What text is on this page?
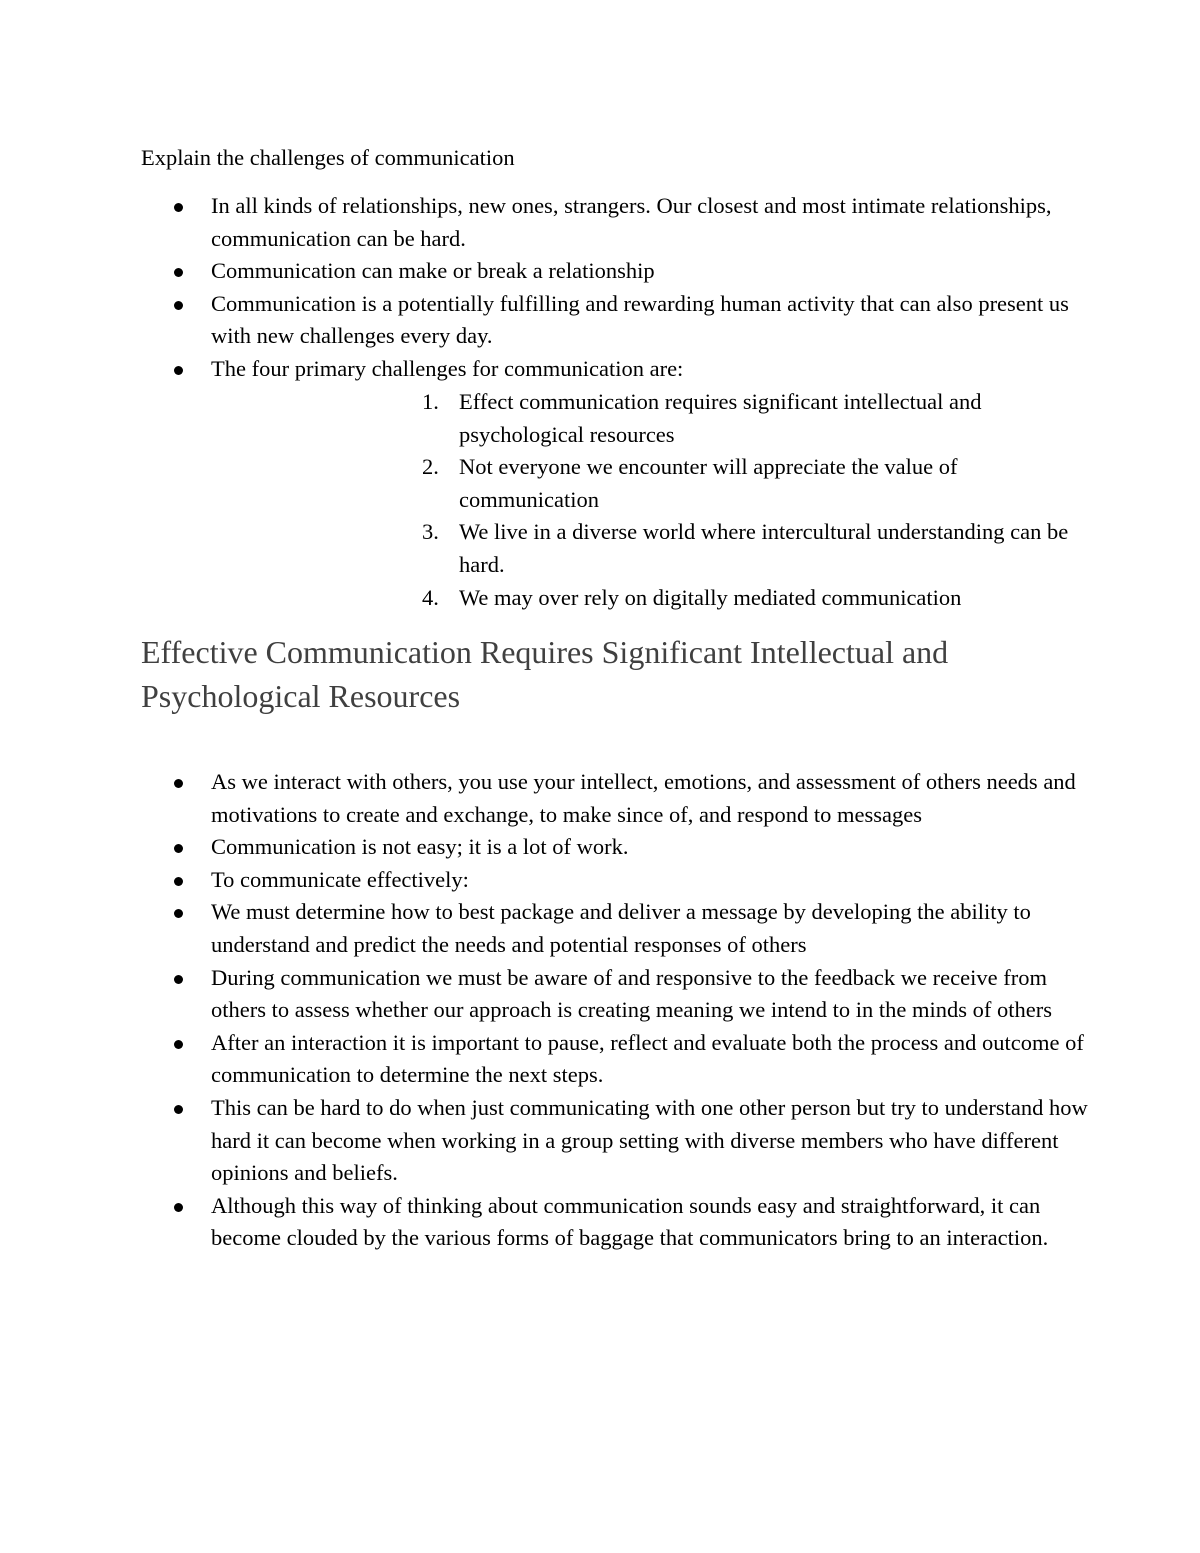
Explain the challenges of communication

In all kinds of relationships, new ones, strangers. Our closest and most intimate relationships, communication can be hard.
Communication can make or break a relationship
Communication is a potentially fulfilling and rewarding human activity that can also present us with new challenges every day.
The four primary challenges for communication are:
1. Effect communication requires significant intellectual and psychological resources
2. Not everyone we encounter will appreciate the value of communication
3. We live in a diverse world where intercultural understanding can be hard.
4. We may over rely on digitally mediated communication
Effective Communication Requires Significant Intellectual and Psychological Resources
As we interact with others, you use your intellect, emotions, and assessment of others needs and motivations to create and exchange, to make since of, and respond to messages
Communication is not easy; it is a lot of work.
To communicate effectively:
We must determine how to best package and deliver a message by developing the ability to understand and predict the needs and potential responses of others
During communication we must be aware of and responsive to the feedback we receive from others to assess whether our approach is creating meaning we intend to in the minds of others
After an interaction it is important to pause, reflect and evaluate both the process and outcome of communication to determine the next steps.
This can be hard to do when just communicating with one other person but try to understand how hard it can become when working in a group setting with diverse members who have different opinions and beliefs.
Although this way of thinking about communication sounds easy and straightforward, it can become clouded by the various forms of baggage that communicators bring to an interaction.
